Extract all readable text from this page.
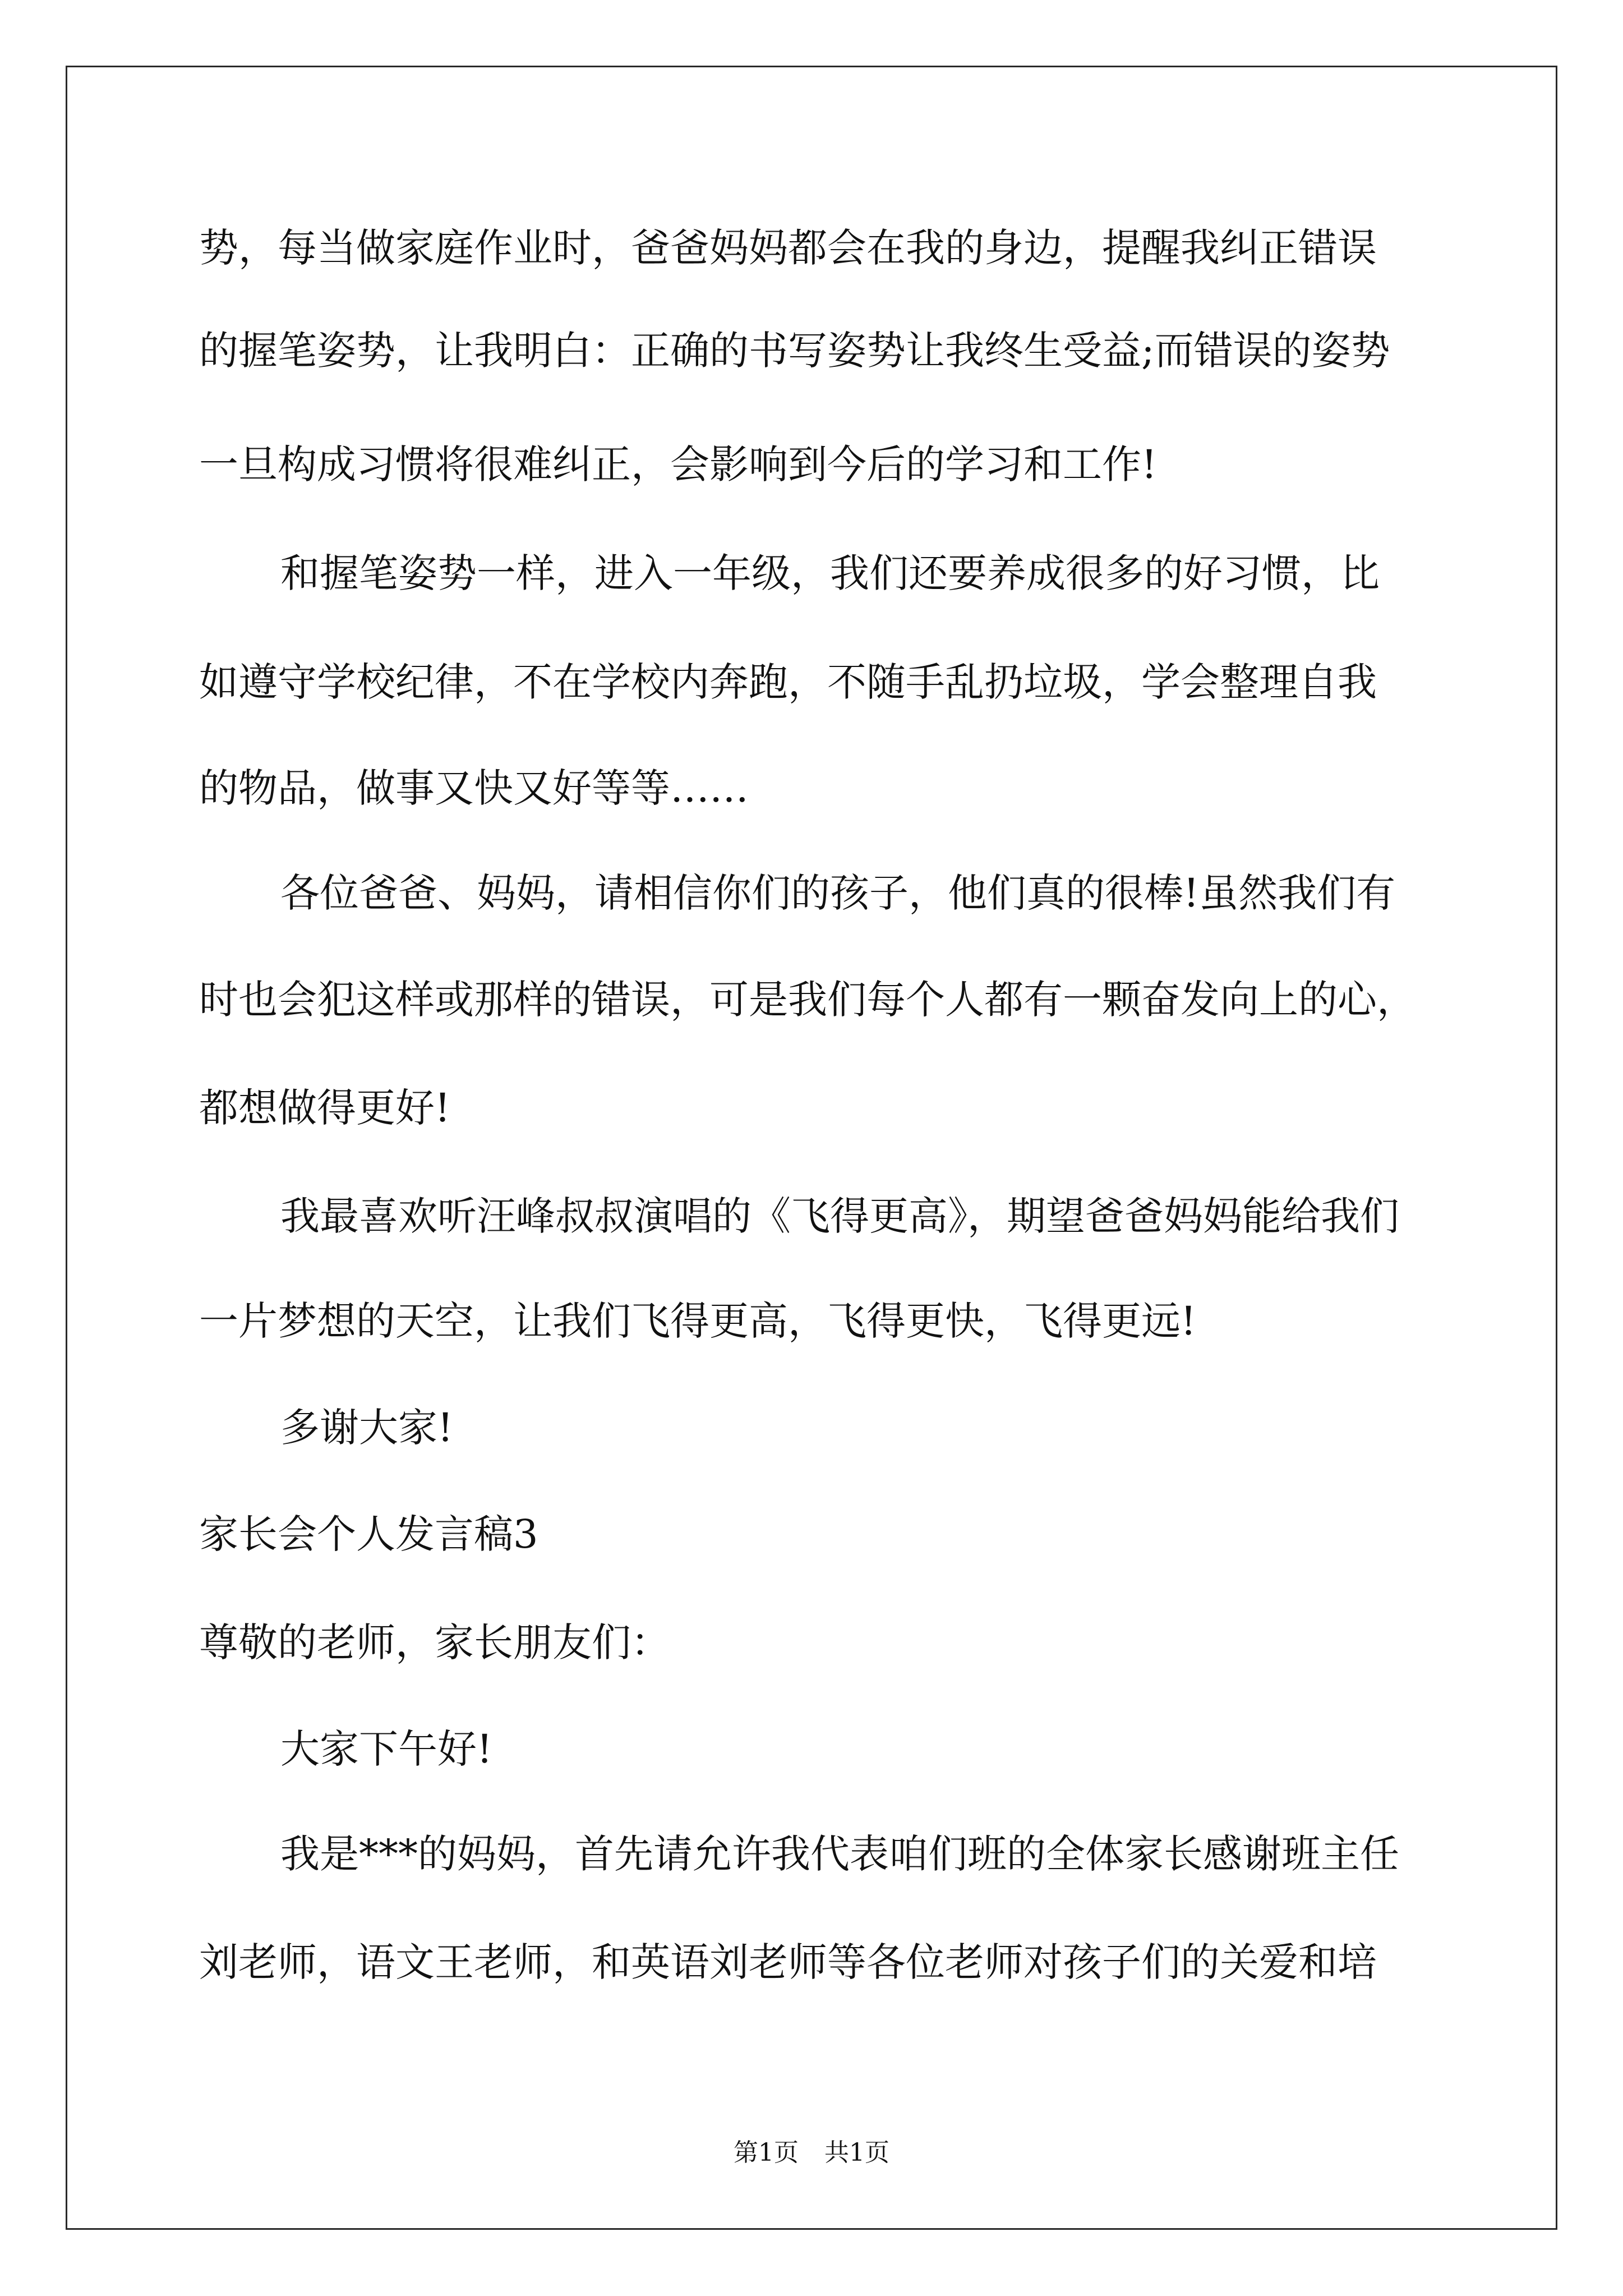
势，每当做家庭作业时，爸爸妈妈都会在我的身边，提醒我纠正错误
的握笔姿势，让我明白：正确的书写姿势让我终生受益;而错误的姿势
一旦构成习惯将很难纠正，会影响到今后的学习和工作!
和握笔姿势一样，进入一年级，我们还要养成很多的好习惯，比
如遵守学校纪律，不在学校内奔跑，不随手乱扔垃圾，学会整理自我
的物品，做事又快又好等等……
各位爸爸、妈妈，请相信你们的孩子，他们真的很棒!虽然我们有
时也会犯这样或那样的错误，可是我们每个人都有一颗奋发向上的心，
都想做得更好!
我最喜欢听汪峰叔叔演唱的《飞得更高》，期望爸爸妈妈能给我们
一片梦想的天空，让我们飞得更高，飞得更快，飞得更远!
多谢大家!
家长会个人发言稿3
尊敬的老师，家长朋友们：
大家下午好!
我是***的妈妈，首先请允许我代表咱们班的全体家长感谢班主任
刘老师，语文王老师，和英语刘老师等各位老师对孩子们的关爱和培
第1页 共1页
